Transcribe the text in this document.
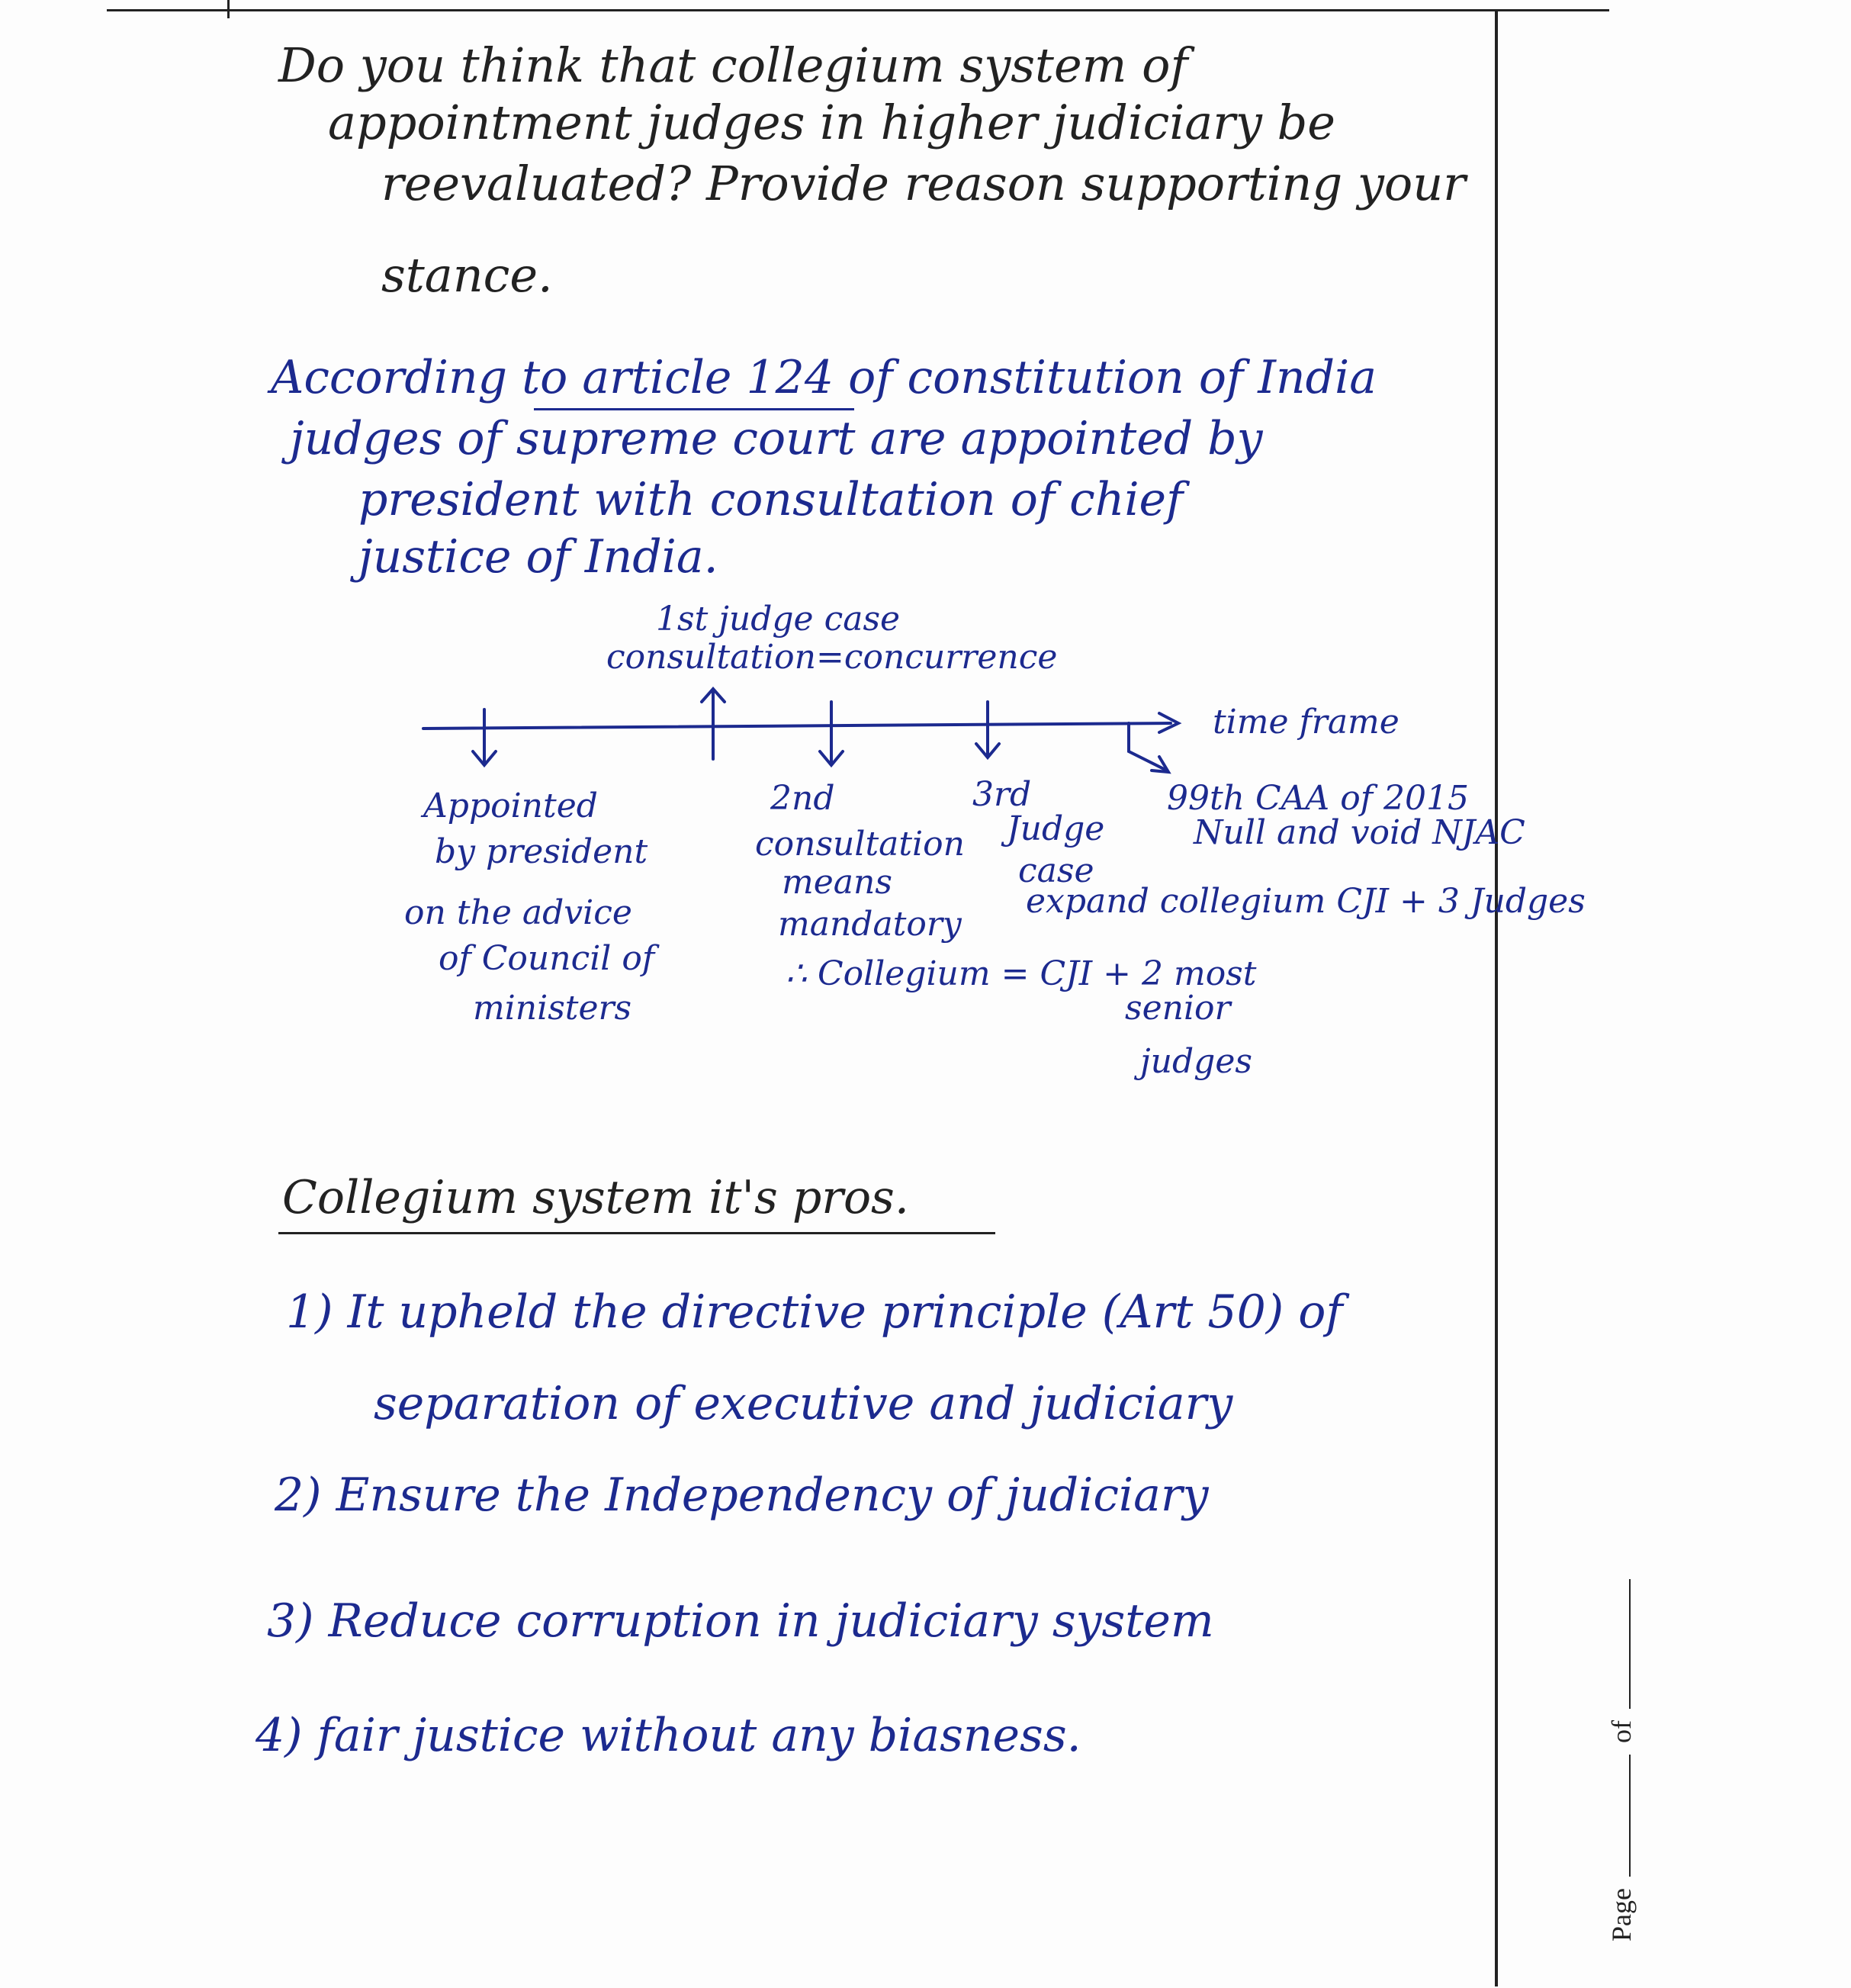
Do you think that collegium system of

appointment judges in higher judiciary be

reevaluated? Provide reason supporting your

stance.

According to article 124 of constitution of India

judges of supreme court are appointed by

president with consultation of chief

justice of India.

1st judge case

consultation=concurrence

time frame

Appointed

by president

on the advice

of Council of

ministers

2nd

consultation

means

mandatory

∴ Collegium = CJI + 2 most

senior

judges

3rd

Judge

case

expand collegium CJI + 3 Judges

99th CAA of 2015

Null and void NJAC

Collegium system it's pros.

1) It upheld the directive principle (Art 50) of

separation of executive and judiciary

2) Ensure the Independency of judiciary

3) Reduce corruption in judiciary system

4) fair justice without any biasness.

Page  of
